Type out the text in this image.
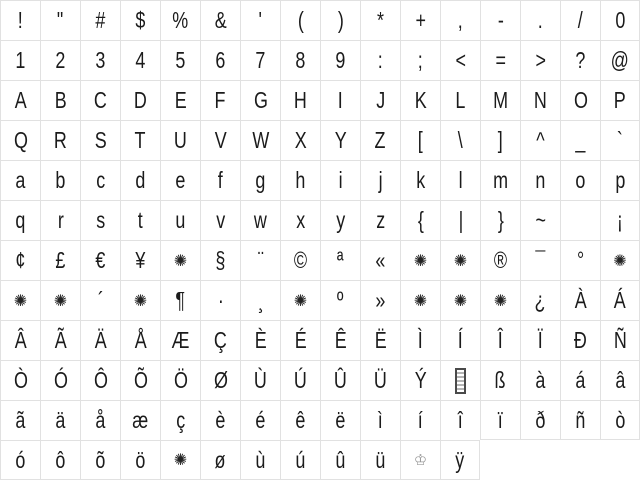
! " # $ % & ' ( ) * + , - . / 0
1 2 3 4 5 6 7 8 9 : ; < = > ? @
A B C D E F G H I J K L M N O P
Q R S T U V W X Y Z [ \ ] ^ _ `
a b c d e f g h i j k l m n o p
q r s t u v w x y z { | } ~	¡
¢ £ € ¥ ✺ § ¨ © ª « ✺ ✺ ® ¯ ° ✺
✺ ✺ ´ ✺ ¶ · ¸ ✺ º » ✺ ✺ ✺ ¿ À Á
Â Ã Ä Å Æ Ç È É Ê Ë Ì Í Î Ï Ð Ñ
Ò Ó Ô Õ Ö Ø Ù Ú Û Ü Ý	ß à á â
ã ä å æ ç è é ê ë ì í î ï ð ñ ò
ó ô õ ö ✺ ø ù ú û ü ♔ ÿ
